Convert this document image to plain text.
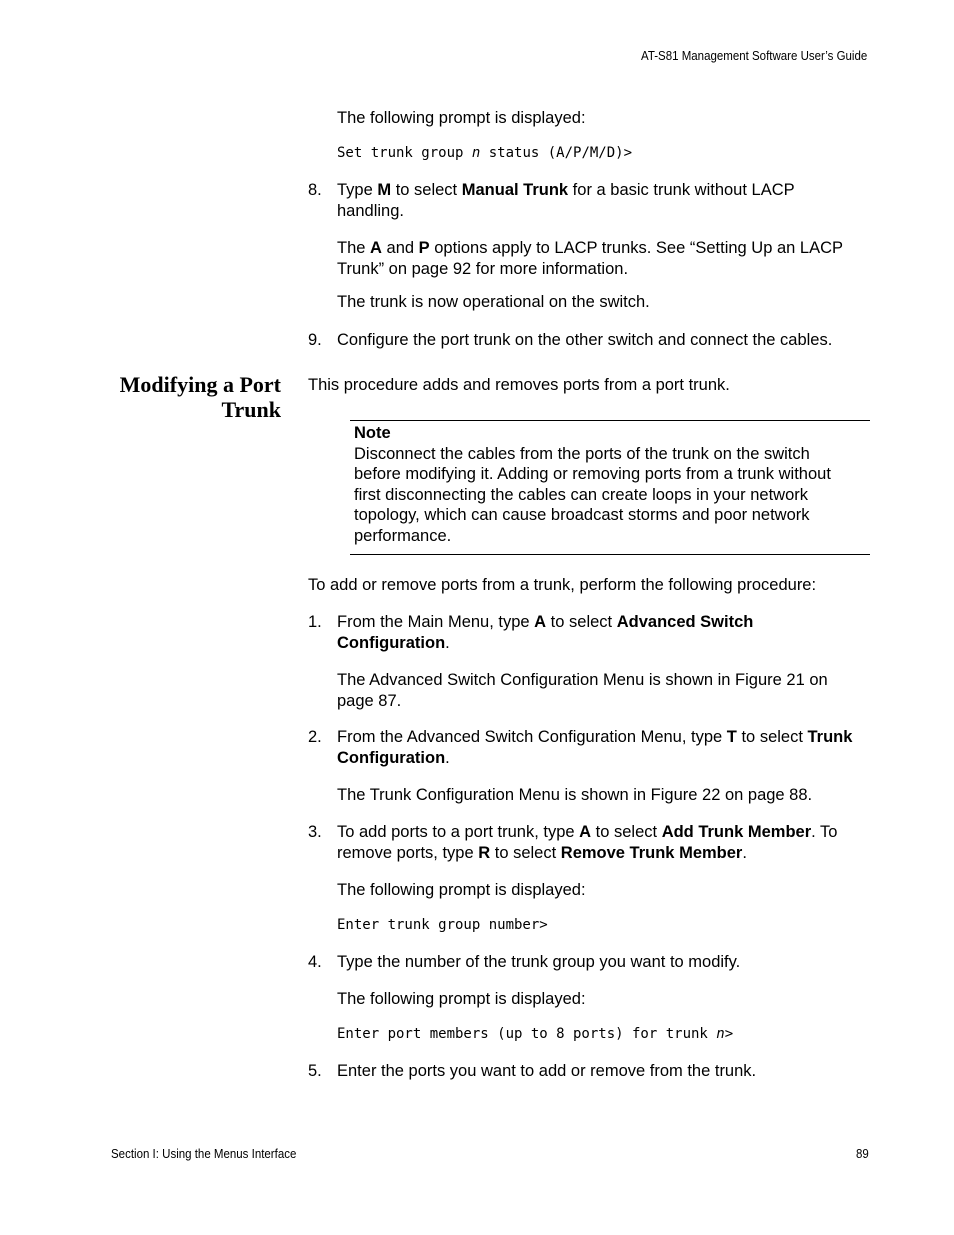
AT-S81 Management Software User’s Guide
The following prompt is displayed:
Set trunk group n status (A/P/M/D)>
8. Type M to select Manual Trunk for a basic trunk without LACP
handling.
The A and P options apply to LACP trunks. See “Setting Up an LACP
Trunk” on page 92 for more information.
The trunk is now operational on the switch.
9. Configure the port trunk on the other switch and connect the cables.
Modifying a Port
Trunk
This procedure adds and removes ports from a port trunk.
Note
Disconnect the cables from the ports of the trunk on the switch
before modifying it. Adding or removing ports from a trunk without
first disconnecting the cables can create loops in your network
topology, which can cause broadcast storms and poor network
performance.
To add or remove ports from a trunk, perform the following procedure:
1. From the Main Menu, type A to select Advanced Switch
Configuration.
The Advanced Switch Configuration Menu is shown in Figure 21 on
page 87.
2. From the Advanced Switch Configuration Menu, type T to select Trunk
Configuration.
The Trunk Configuration Menu is shown in Figure 22 on page 88.
3. To add ports to a port trunk, type A to select Add Trunk Member. To
remove ports, type R to select Remove Trunk Member.
The following prompt is displayed:
Enter trunk group number>
4. Type the number of the trunk group you want to modify.
The following prompt is displayed:
Enter port members (up to 8 ports) for trunk n>
5. Enter the ports you want to add or remove from the trunk.
Section I: Using the Menus Interface	89
